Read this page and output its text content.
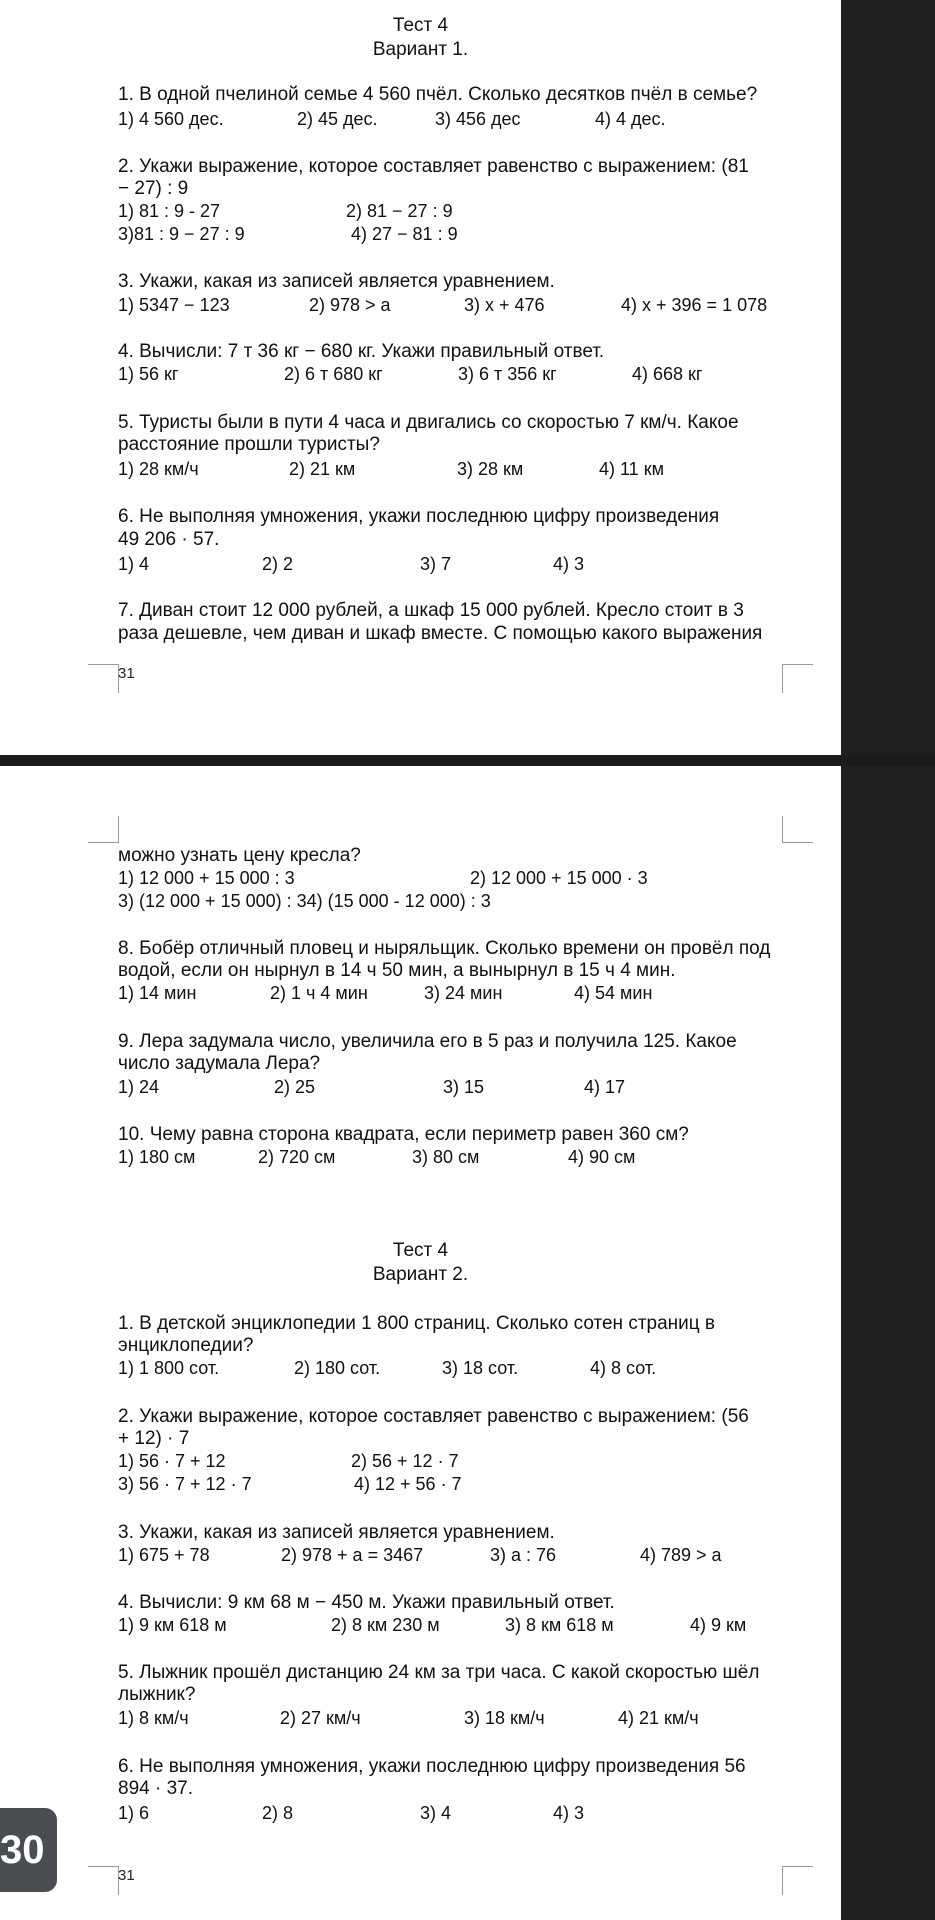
Тест 4
Вариант 1.
1. В одной пчелиной семье 4 560 пчёл. Сколько десятков пчёл в семье?
1) 4 560 дес.	2) 45 дес.	3) 456 дес	4) 4 дес.
2. Укажи выражение, которое составляет равенство с выражением: (81
− 27) : 9
1) 81 : 9 - 27	2) 81 − 27 : 9
3)81 : 9 − 27 : 9	4) 27 − 81 : 9
3. Укажи, какая из записей является уравнением.
1) 5347 − 123	2) 978 > а	3) х + 476	4) х + 396 = 1 078
4. Вычисли: 7 т 36 кг − 680 кг. Укажи правильный ответ.
1) 56 кг	2) 6 т 680 кг	3) 6 т 356 кг	4) 668 кг
5. Туристы были в пути 4 часа и двигались со скоростью 7 км/ч. Какое
расстояние прошли туристы?
1) 28 км/ч	2) 21 км	3) 28 км	4) 11 км
6. Не выполняя умножения, укажи последнюю цифру произведения
49 206 · 57.
1) 4	2) 2	3) 7	4) 3
7. Диван стоит 12 000 рублей, а шкаф 15 000 рублей. Кресло стоит в 3
раза дешевле, чем диван и шкаф вместе. С помощью какого выражения
31
можно узнать цену кресла?
1) 12 000 + 15 000 : 3	2) 12 000 + 15 000 · 3
3) (12 000 + 15 000) : 34) (15 000 - 12 000) : 3
8. Бобёр отличный пловец и ныряльщик. Сколько времени он провёл под
водой, если он нырнул в 14 ч 50 мин, а вынырнул в 15 ч 4 мин.
1) 14 мин	2) 1 ч 4 мин	3) 24 мин	4) 54 мин
9. Лера задумала число, увеличила его в 5 раз и получила 125. Какое
число задумала Лера?
1) 24	2) 25	3) 15	4) 17
10. Чему равна сторона квадрата, если периметр равен 360 см?
1) 180 см	2) 720 см	3) 80 см	4) 90 см
Тест 4
Вариант 2.
1. В детской энциклопедии 1 800 страниц. Сколько сотен страниц в
энциклопедии?
1) 1 800 сот.	2) 180 сот.	3) 18 сот.	4) 8 сот.
2. Укажи выражение, которое составляет равенство с выражением: (56
+ 12) · 7
1) 56 · 7 + 12	2) 56 + 12 · 7
3) 56 · 7 + 12 · 7	4) 12 + 56 · 7
3. Укажи, какая из записей является уравнением.
1) 675 + 78	2) 978 + а = 3467	3) а : 76	4) 789 > а
4. Вычисли: 9 км 68 м − 450 м. Укажи правильный ответ.
1) 9 км 618 м	2) 8 км 230 м	3) 8 км 618 м	4) 9 км
5. Лыжник прошёл дистанцию 24 км за три часа. С какой скоростью шёл
лыжник?
1) 8 км/ч	2) 27 км/ч	3) 18 км/ч	4) 21 км/ч
6. Не выполняя умножения, укажи последнюю цифру произведения 56
894 · 37.
1) 6	2) 8	3) 4	4) 3
31
30
